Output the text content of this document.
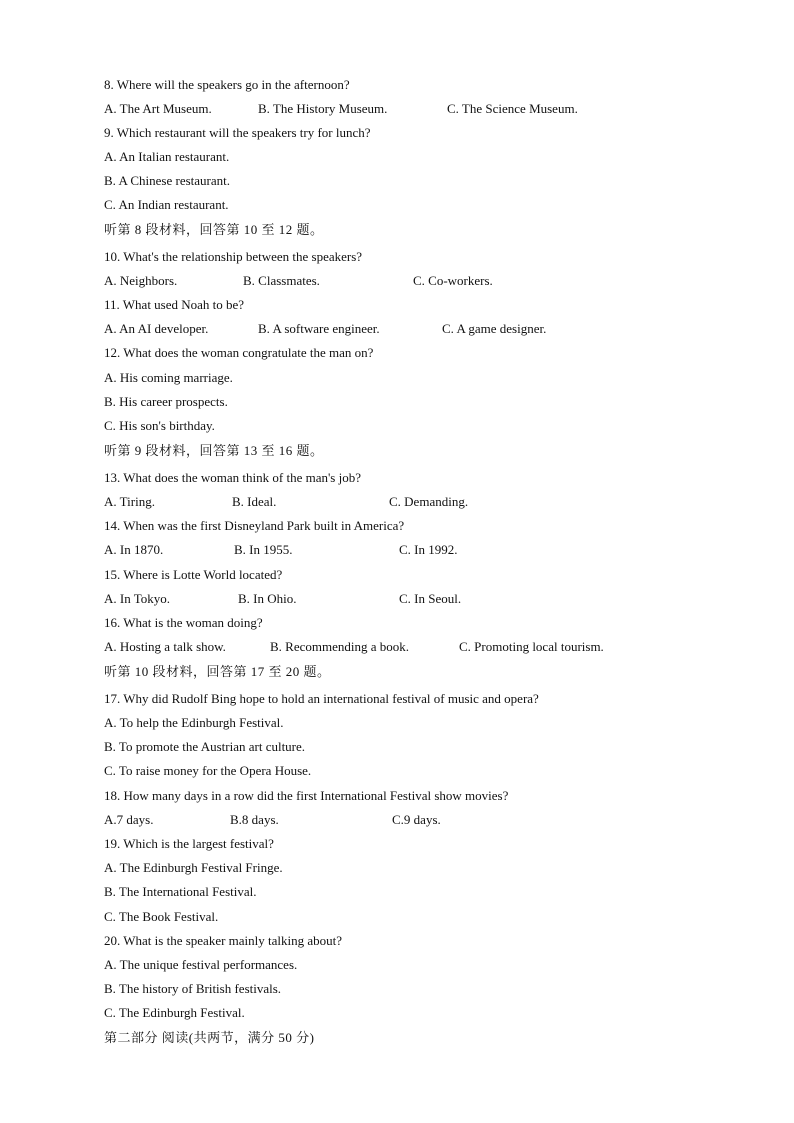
8. Where will the speakers go in the afternoon?
A. The Art Museum.	B. The History Museum.	C. The Science Museum.
9. Which restaurant will the speakers try for lunch?
A. An Italian restaurant.
B. A Chinese restaurant.
C. An Indian restaurant.
听第 8 段材料，回答第 10 至 12 题。
10. What's the relationship between the speakers?
A. Neighbors.	B. Classmates.	C. Co-workers.
11. What used Noah to be?
A. An AI developer.	B. A software engineer.	C. A game designer.
12. What does the woman congratulate the man on?
A. His coming marriage.
B. His career prospects.
C. His son's birthday.
听第 9 段材料，回答第 13 至 16 题。
13. What does the woman think of the man's job?
A. Tiring.	B. Ideal.	C. Demanding.
14. When was the first Disneyland Park built in America?
A. In 1870.	B. In 1955.	C. In 1992.
15. Where is Lotte World located?
A. In Tokyo.	B. In Ohio.	C. In Seoul.
16. What is the woman doing?
A. Hosting a talk show.	B. Recommending a book.	C. Promoting local tourism.
听第 10 段材料，回答第 17 至 20 题。
17. Why did Rudolf Bing hope to hold an international festival of music and opera?
A. To help the Edinburgh Festival.
B. To promote the Austrian art culture.
C. To raise money for the Opera House.
18. How many days in a row did the first International Festival show movies?
A.7 days.	B.8 days.	C.9 days.
19. Which is the largest festival?
A. The Edinburgh Festival Fringe.
B. The International Festival.
C. The Book Festival.
20. What is the speaker mainly talking about?
A. The unique festival performances.
B. The history of British festivals.
C. The Edinburgh Festival.
第二部分 阅读(共两节，满分 50 分)
